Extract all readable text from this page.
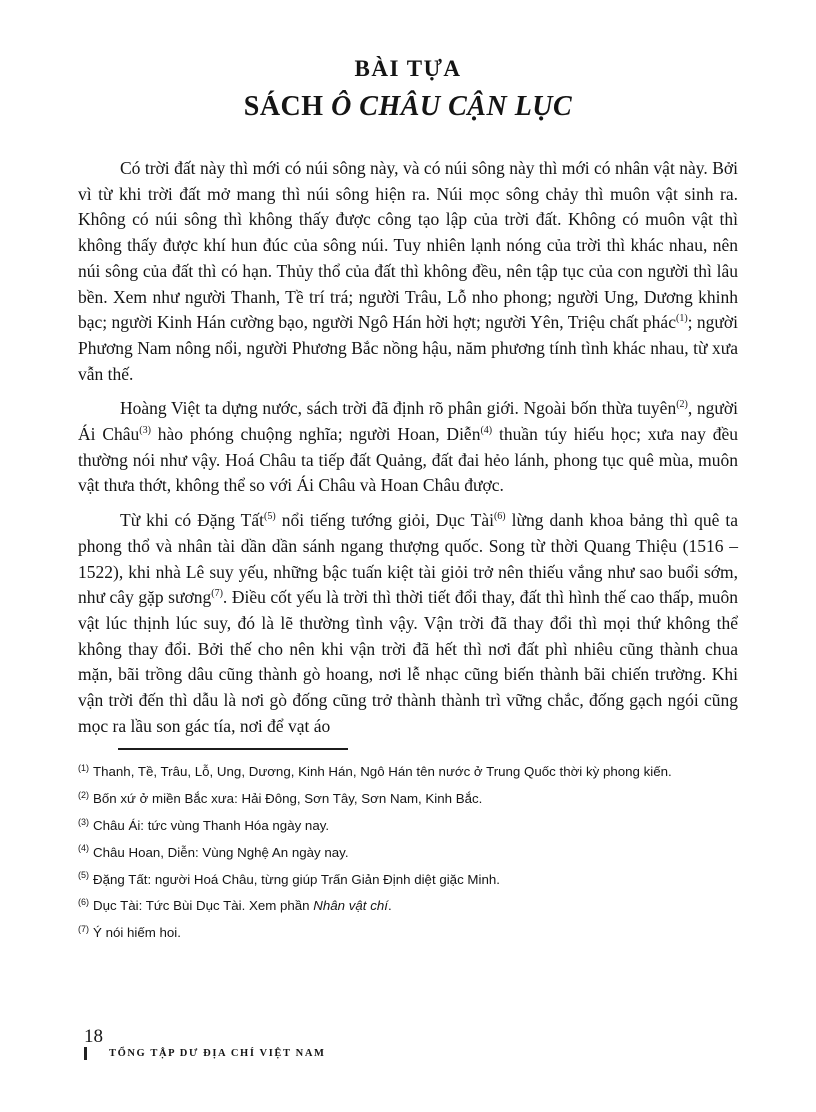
BÀI TỰA
SÁCH Ô CHÂU CẬN LỤC

Có trời đất này thì mới có núi sông này, và có núi sông này thì mới có nhân vật này. Bởi vì từ khi trời đất mở mang thì núi sông hiện ra. Núi mọc sông chảy thì muôn vật sinh ra. Không có núi sông thì không thấy được công tạo lập của trời đất. Không có muôn vật thì không thấy được khí hun đúc của sông núi. Tuy nhiên lạnh nóng của trời thì khác nhau, nên núi sông của đất thì có hạn. Thủy thổ của đất thì không đều, nên tập tục của con người thì lâu bền. Xem như người Thanh, Tề trí trá; người Trâu, Lỗ nho phong; người Ung, Dương khinh bạc; người Kinh Hán cường bạo, người Ngô Hán hời hợt; người Yên, Triệu chất phác$^{(1)}$; người Phương Nam nông nổi, người Phương Bắc nồng hậu, năm phương tính tình khác nhau, từ xưa vẫn thế.

Hoàng Việt ta dựng nước, sách trời đã định rõ phân giới. Ngoài bốn thừa tuyên$^{(2)}$, người Ái Châu$^{(3)}$ hào phóng chuộng nghĩa; người Hoan, Diễn$^{(4)}$ thuần túy hiếu học; xưa nay đều thường nói như vậy. Hoá Châu ta tiếp đất Quảng, đất đai hẻo lánh, phong tục quê mùa, muôn vật thưa thớt, không thể so với Ái Châu và Hoan Châu được.

Từ khi có Đặng Tất$^{(5)}$ nổi tiếng tướng giỏi, Dục Tài$^{(6)}$ lừng danh khoa bảng thì quê ta phong thổ và nhân tài dần dần sánh ngang thượng quốc. Song từ thời Quang Thiệu (1516 – 1522), khi nhà Lê suy yếu, những bậc tuấn kiệt tài giỏi trở nên thiếu vắng như sao buổi sớm, như cây gặp sương$^{(7)}$. Điều cốt yếu là trời thì thời tiết đổi thay, đất thì hình thế cao thấp, muôn vật lúc thịnh lúc suy, đó là lẽ thường tình vậy. Vận trời đã thay đổi thì mọi thứ không thể không thay đổi. Bởi thế cho nên khi vận trời đã hết thì nơi đất phì nhiêu cũng thành chua mặn, bãi trồng dâu cũng thành gò hoang, nơi lễ nhạc cũng biến thành bãi chiến trường. Khi vận trời đến thì dẫu là nơi gò đống cũng trở thành thành trì vững chắc, đống gạch ngói cũng mọc ra lầu son gác tía, nơi để vạt áo

$^{(1)}$ Thanh, Tề, Trâu, Lỗ, Ung, Dương, Kinh Hán, Ngô Hán tên nước ở Trung Quốc thời kỳ phong kiến.
$^{(2)}$ Bốn xứ ở miền Bắc xưa: Hải Đông, Sơn Tây, Sơn Nam, Kinh Bắc.
$^{(3)}$ Châu Ái: tức vùng Thanh Hóa ngày nay.
$^{(4)}$ Châu Hoan, Diễn: Vùng Nghệ An ngày nay.
$^{(5)}$ Đặng Tất: người Hoá Châu, từng giúp Trấn Giản Định diệt giặc Minh.
$^{(6)}$ Dục Tài: Tức Bùi Dục Tài. Xem phần Nhân vật chí.
$^{(7)}$ Ý nói hiếm hoi.
18
TỔNG TẬP DƯ ĐỊA CHÍ VIỆT NAM
